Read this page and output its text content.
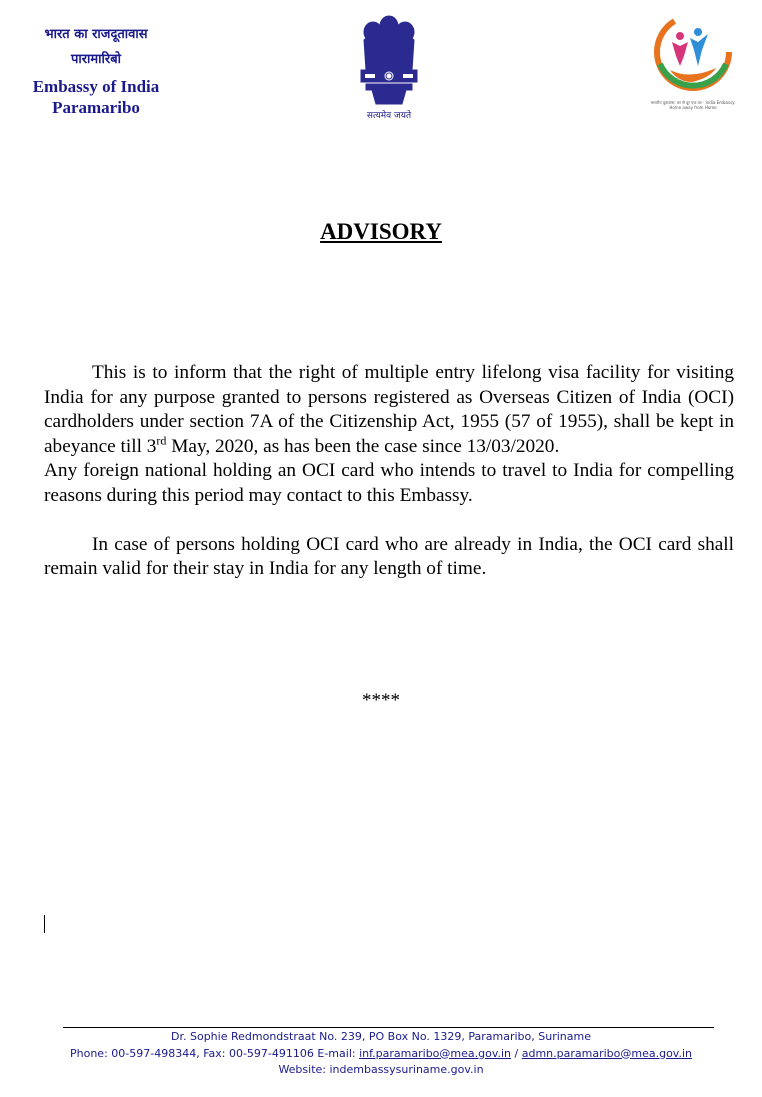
भारत का राजदूतावास
पारामारिबो
Embassy of India
Paramaribo	सत्यमेव जयते
भारतीय दूतावास: घर से दूर एक घर · India Embassy: Home away from Home
ADVISORY

This is to inform that the right of multiple entry lifelong visa facility for visiting India for any purpose granted to persons registered as Overseas Citizen of India (OCI) cardholders under section 7A of the Citizenship Act, 1955 (57 of 1955), shall be kept in abeyance till 3rd May, 2020, as has been the case since 13/03/2020.

Any foreign national holding an OCI card who intends to travel to India for compelling reasons during this period may contact to this Embassy.

In case of persons holding OCI card who are already in India, the OCI card shall remain valid for their stay in India for any length of time.

****
Dr. Sophie Redmondstraat No. 239, PO Box No. 1329, Paramaribo, Suriname
Phone: 00-597-498344, Fax: 00-597-491106 E-mail: inf.paramaribo@mea.gov.in / admn.paramaribo@mea.gov.in
Website: indembassysuriname.gov.in
